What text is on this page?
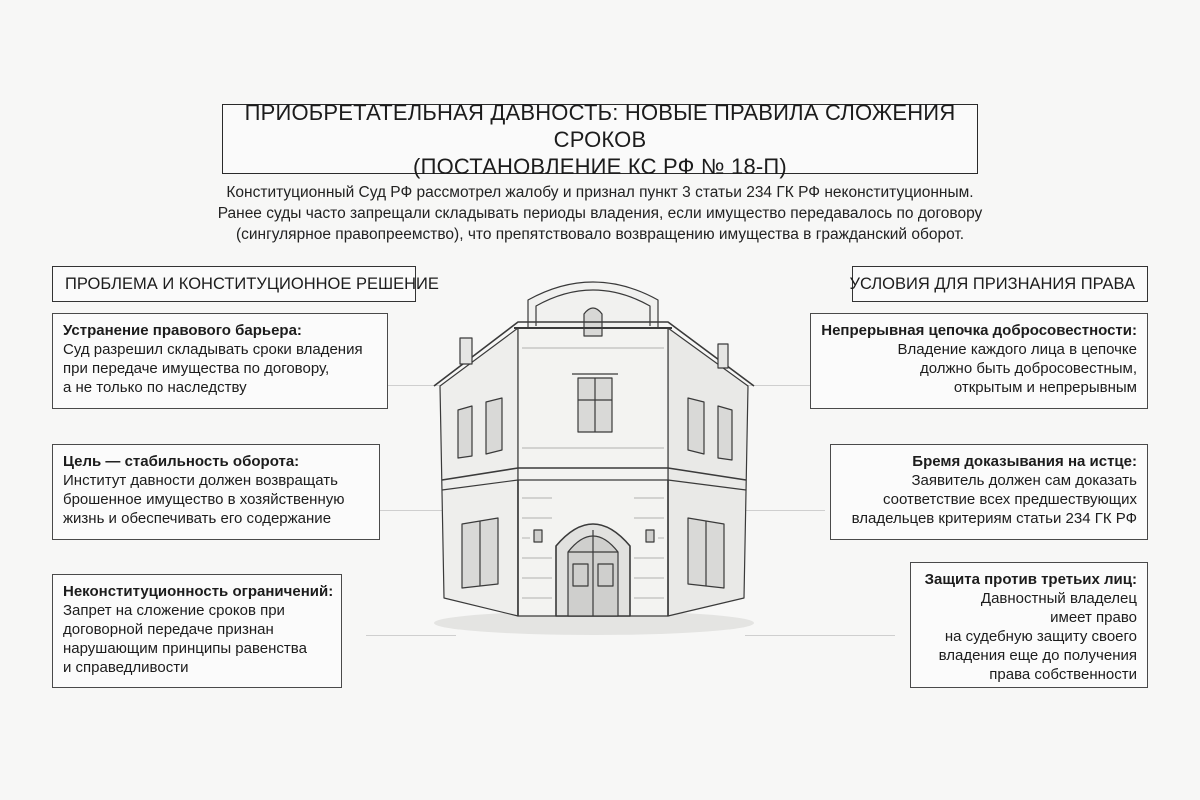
ПРИОБРЕТАТЕЛЬНАЯ ДАВНОСТЬ: НОВЫЕ ПРАВИЛА СЛОЖЕНИЯ СРОКОВ
(ПОСТАНОВЛЕНИЕ КС РФ № 18-П)
Конституционный Суд РФ рассмотрел жалобу и признал пункт 3 статьи 234 ГК РФ неконституционным.
Ранее суды часто запрещали складывать периоды владения, если имущество передавалось по договору
(сингулярное правопреемство), что препятствовало возвращению имущества в гражданский оборот.
ПРОБЛЕМА И КОНСТИТУЦИОННОЕ РЕШЕНИЕ	УСЛОВИЯ ДЛЯ ПРИЗНАНИЯ ПРАВА
Устранение правового барьера:
Суд разрешил складывать сроки владения
при передаче имущества по договору,
а не только по наследству
Цель — стабильность оборота:
Институт давности должен возвращать
брошенное имущество в хозяйственную
жизнь и обеспечивать его содержание
Неконституционность ограничений:
Запрет на сложение сроков при
договорной передаче признан
нарушающим принципы равенства
и справедливости
Непрерывная цепочка добросовестности:
Владение каждого лица в цепочке
должно быть добросовестным,
открытым и непрерывным
Бремя доказывания на истце:
Заявитель должен сам доказать
соответствие всех предшествующих
владельцев критериям статьи 234 ГК РФ
Защита против третьих лиц:
Давностный владелец
имеет право
на судебную защиту своего
владения еще до получения
права собственности
